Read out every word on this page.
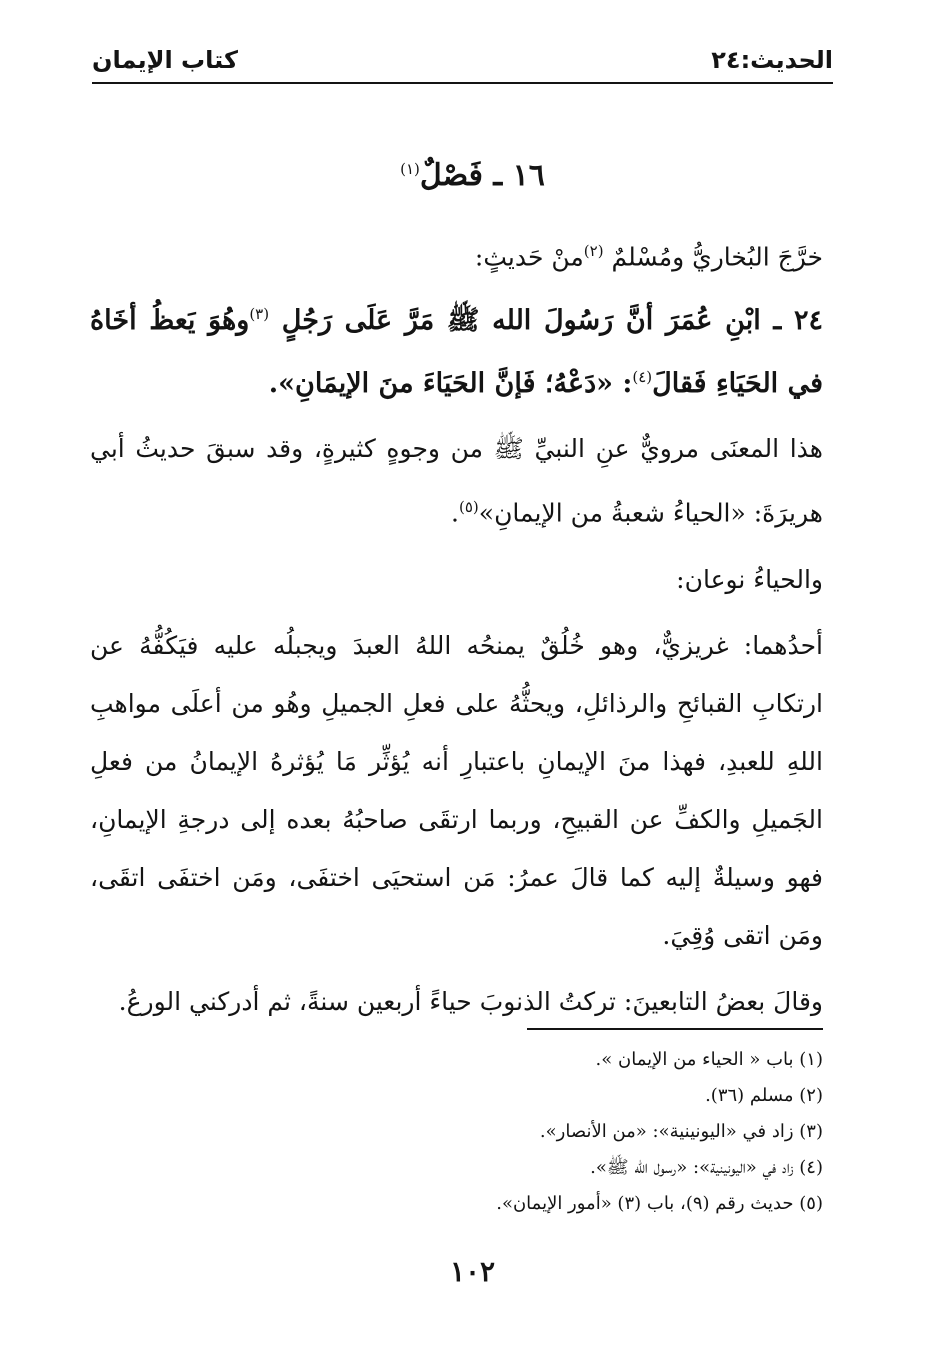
الحديث:٢٤
كتاب الإيمان
١٦ ـ فَصْلٌ$^{(١)}$

خرَّجَ البُخاريُّ ومُسْلمٌ $^{(٢)}$منْ حَديثٍ:

٢٤ ـ ابْنِ عُمَرَ أنَّ رَسُولَ الله ﷺ مَرَّ عَلَى رَجُلٍ $^{(٣)}$وهُوَ يَعظُ أخَاهُ في الحَيَاءِ فَقالَ$^{(٤)}$: «دَعْهُ؛ فَإنَّ الحَيَاءَ منَ الإيمَانِ».

هذا المعنَى مرويٌّ عنِ النبيِّ ﷺ من وجوهٍ كثيرةٍ، وقد سبقَ حديثُ أبي هريرَةَ: «الحياءُ شعبةُ من الإيمانِ»$^{(٥)}$.

والحياءُ نوعان:

أحدُهما: غريزيٌّ، وهو خُلُقٌ يمنحُه اللهُ العبدَ ويجبلُه عليه فيَكُفُّهُ عن ارتكابِ القبائحِ والرذائلِ، ويحثُّهُ على فعلِ الجميلِ وهُو من أعلَى مواهبِ اللهِ للعبدِ، فهذا منَ الإيمانِ باعتبارِ أنه يُؤثِّر مَا يُؤثرهُ الإيمانُ من فعلِ الجَميلِ والكفِّ عن القبيحِ، وربما ارتقَى صاحبُهُ بعده إلى درجةِ الإيمانِ، فهو وسيلةٌ إليه كما قالَ عمرُ: مَن استحيَى اختفَى، ومَن اختفَى اتقَى، ومَن اتقى وُقِيَ.

وقالَ بعضُ التابعينَ: تركتُ الذنوبَ حياءً أربعين سنةً، ثم أدركني الورعُ.

(١) باب « الحياء من الإيمان ».

(٢) مسلم (٣٦).

(٣) زاد في «اليونينية»: «من الأنصار».

(٤) زاد في «اليونينية»: «رسول الله ﷺ».

(٥) حديث رقم (٩)، باب (٣) «أمور الإيمان».

١٠٢
